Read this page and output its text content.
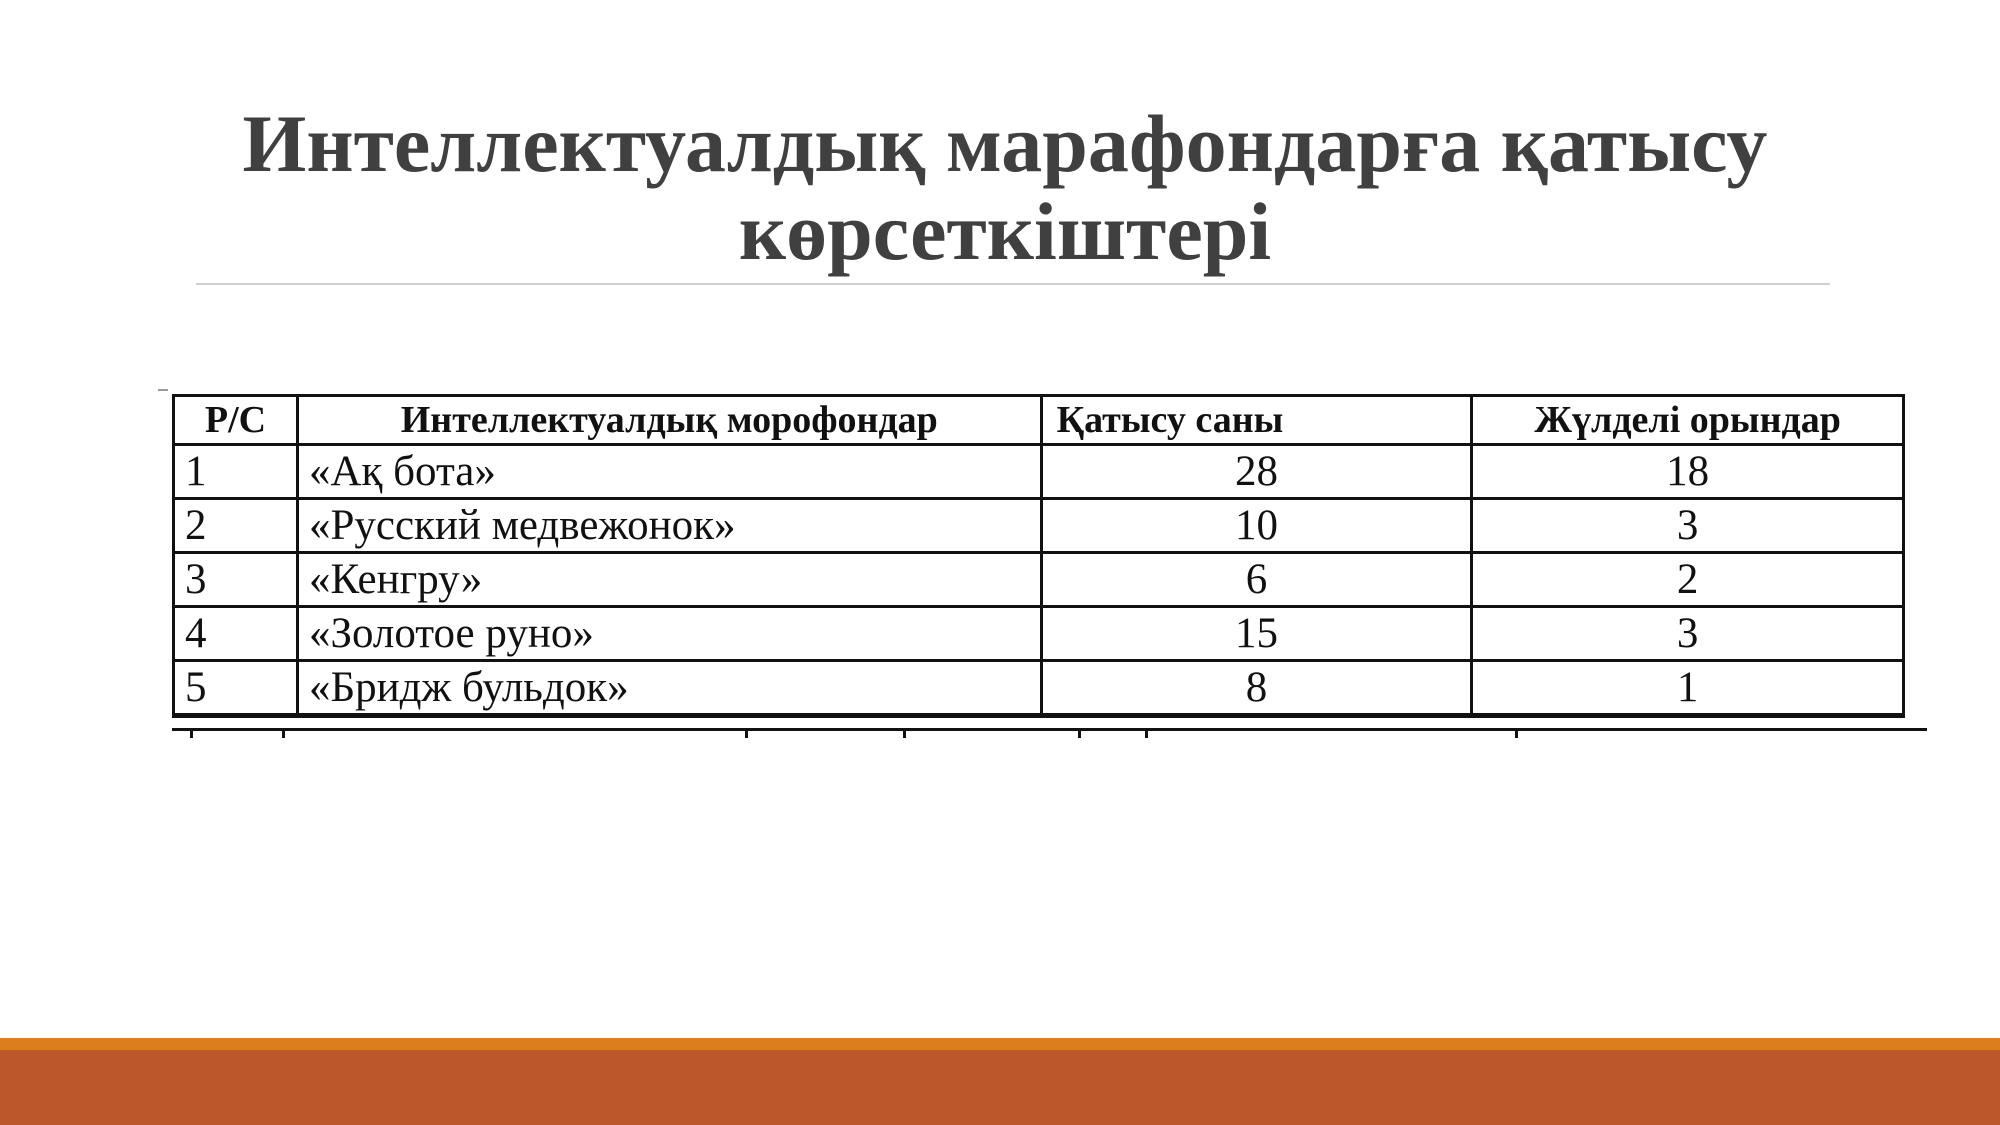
Интеллектуалдық марафондарға қатысу көрсеткіштері
Р/С	Интеллектуалдық морофондар	Қатысу саны	Жүлделі орындар
1	«Ақ бота»	28	18
2	«Русский медвежонок»	10	3
3	«Кенгру»	6	2
4	«Золотое руно»	15	3
5	«Бридж бульдок»	8	1
